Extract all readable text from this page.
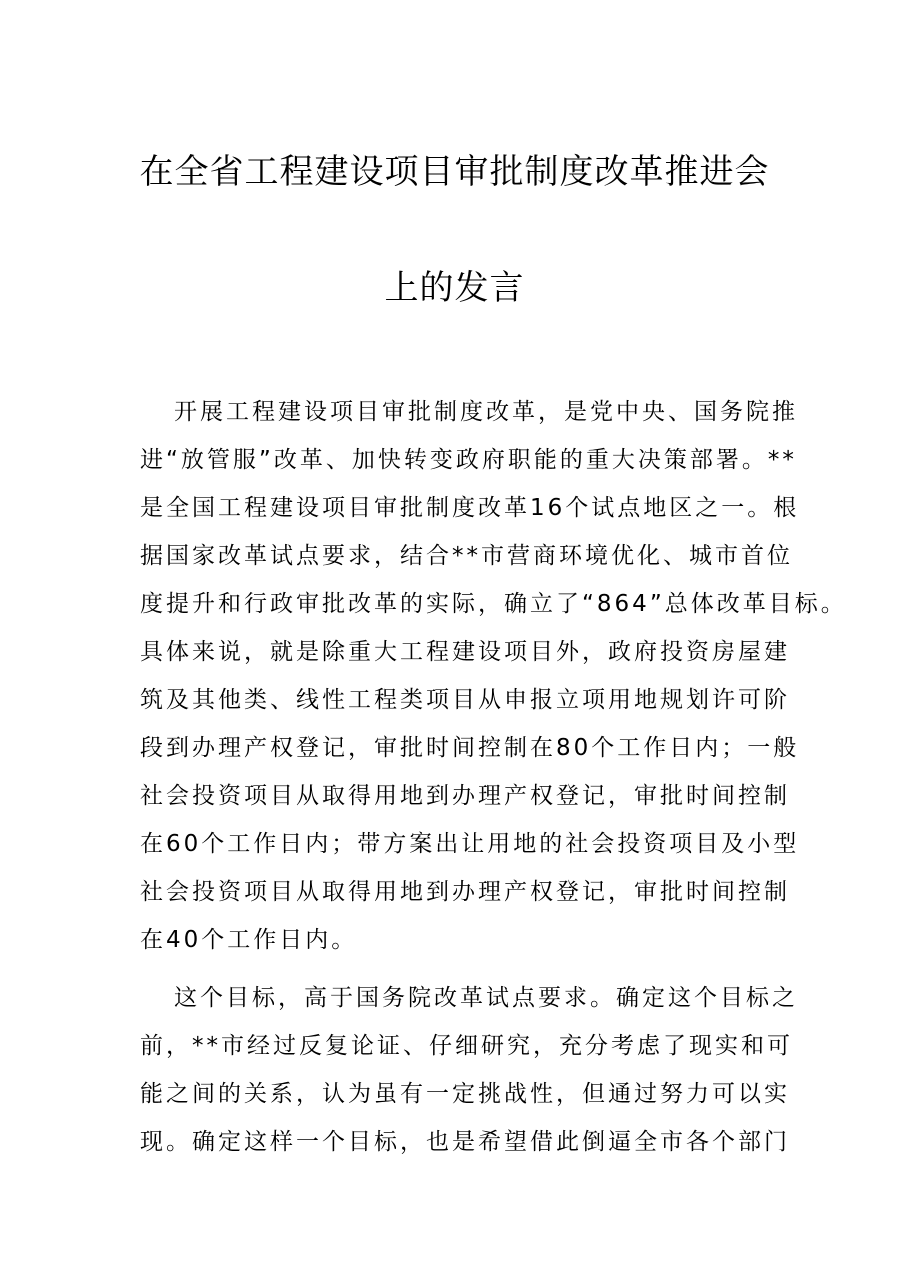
在全省工程建设项目审批制度改革推进会
上的发言
开展工程建设项目审批制度改革，是党中央、国务院推
进“放管服”改革、加快转变政府职能的重大决策部署。**
是全国工程建设项目审批制度改革16个试点地区之一。根
据国家改革试点要求，结合**市营商环境优化、城市首位
度提升和行政审批改革的实际，确立了“864”总体改革目标。
具体来说，就是除重大工程建设项目外，政府投资房屋建
筑及其他类、线性工程类项目从申报立项用地规划许可阶
段到办理产权登记，审批时间控制在80个工作日内；一般
社会投资项目从取得用地到办理产权登记，审批时间控制
在60个工作日内；带方案出让用地的社会投资项目及小型
社会投资项目从取得用地到办理产权登记，审批时间控制
在40个工作日内。
这个目标，高于国务院改革试点要求。确定这个目标之
前，**市经过反复论证、仔细研究，充分考虑了现实和可
能之间的关系，认为虽有一定挑战性，但通过努力可以实
现。确定这样一个目标，也是希望借此倒逼全市各个部门
